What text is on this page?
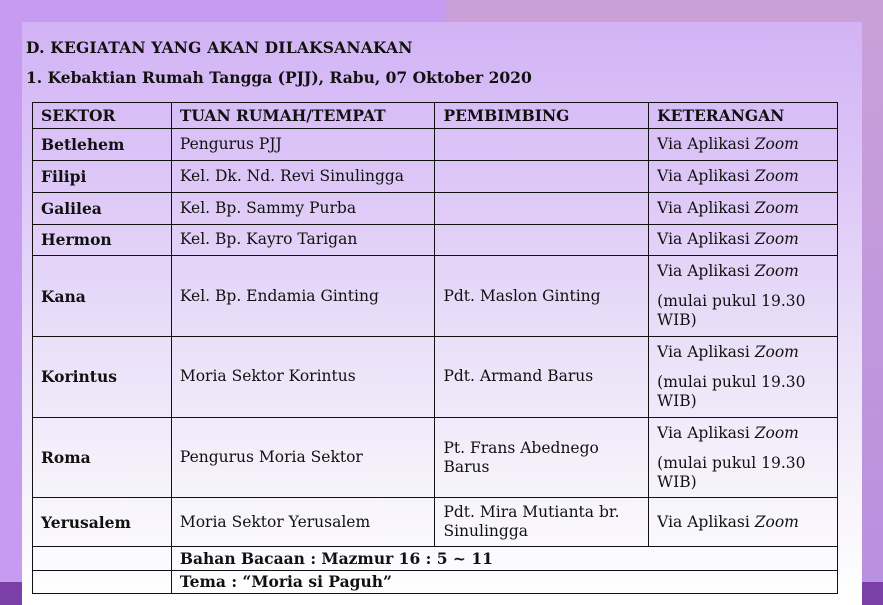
D. KEGIATAN YANG AKAN DILAKSANAKAN
1. Kebaktian Rumah Tangga (PJJ), Rabu, 07 Oktober 2020
SEKTOR	TUAN RUMAH/TEMPAT	PEMBIMBING	KETERANGAN
Betlehem	Pengurus PJJ		Via Aplikasi Zoom
Filipi	Kel. Dk. Nd. Revi Sinulingga		Via Aplikasi Zoom
Galilea	Kel. Bp. Sammy Purba		Via Aplikasi Zoom
Hermon	Kel. Bp. Kayro Tarigan		Via Aplikasi Zoom
Kana	Kel. Bp. Endamia Ginting	Pdt. Maslon Ginting	Via Aplikasi Zoom
(mulai pukul 19.30 WIB)

Korintus	Moria Sektor Korintus	Pdt. Armand Barus	Via Aplikasi Zoom
(mulai pukul 19.30 WIB)

Roma	Pengurus Moria Sektor	Pt. Frans Abednego Barus	Via Aplikasi Zoom
(mulai pukul 19.30 WIB)

Yerusalem	Moria Sektor Yerusalem	Pdt. Mira Mutianta br. Sinulingga	Via Aplikasi Zoom
	Bahan Bacaan : Mazmur 16 : 5 ~ 11		
	Tema : “Moria si Paguh”		
